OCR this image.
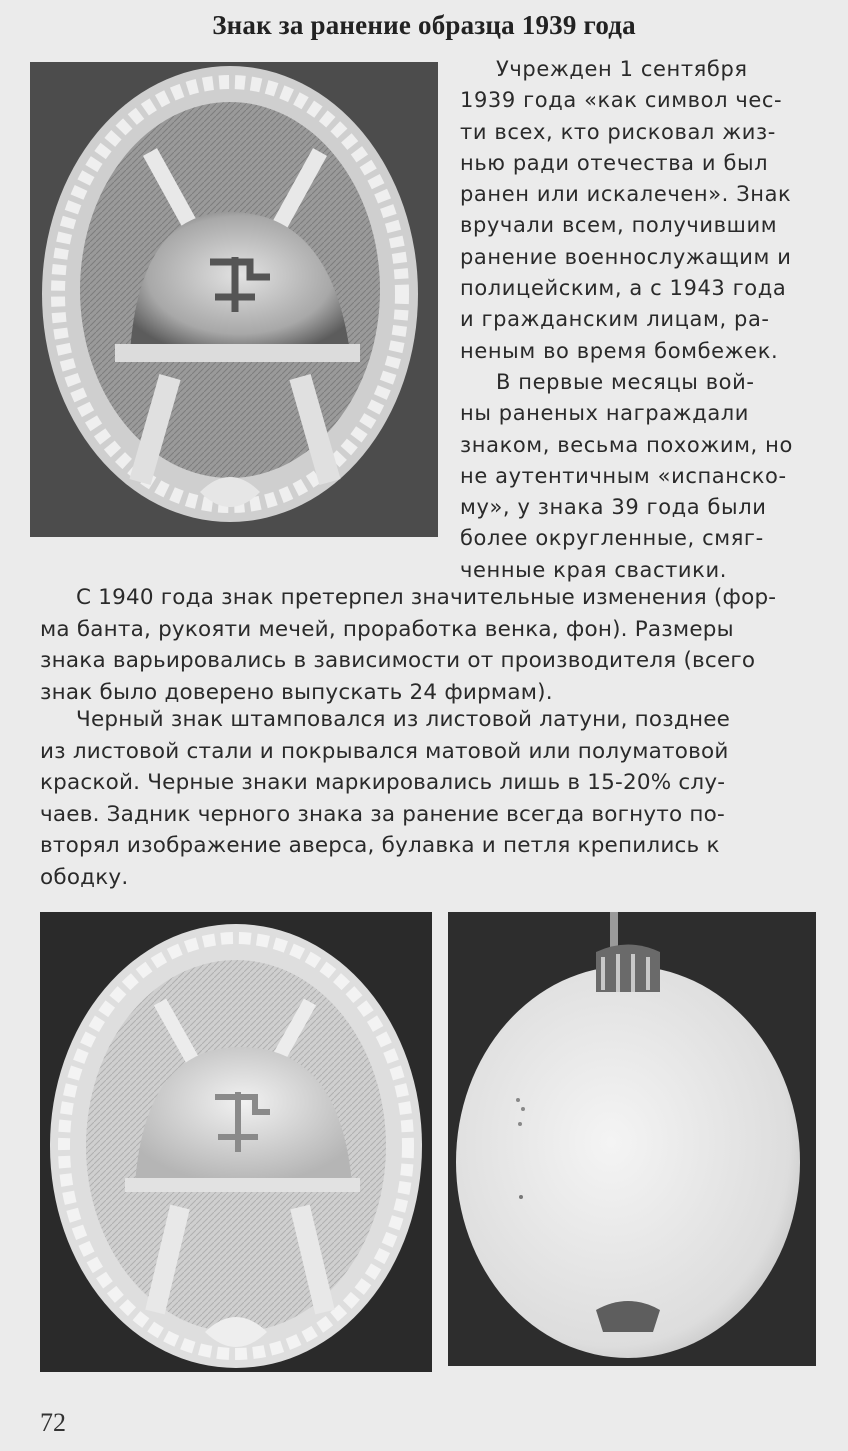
Знак за ранение образца 1939 года
Учрежден 1 сентября
1939 года «как символ чес-
ти всех, кто рисковал жиз-
нью ради отечества и был
ранен или искалечен». Знак
вручали всем, получившим
ранение военнослужащим и
полицейским, а с 1943 года
и гражданским лицам, ра-
неным во время бомбежек.
В первые месяцы вой-
ны раненых награждали
знаком, весьма похожим, но
не аутентичным «испанско-
му», у знака 39 года были
более округленные, смяг-
ченные края свастики.
С 1940 года знак претерпел значительные изменения (фор-
ма банта, рукояти мечей, проработка венка, фон). Размеры
знака варьировались в зависимости от производителя (всего
знак было доверено выпускать 24 фирмам).
Черный знак штамповался из листовой латуни, позднее
из листовой стали и покрывался матовой или полуматовой
краской. Черные знаки маркировались лишь в 15-20% слу-
чаев. Задник черного знака за ранение всегда вогнуто по-
вторял изображение аверса, булавка и петля крепились к
ободку.
72
